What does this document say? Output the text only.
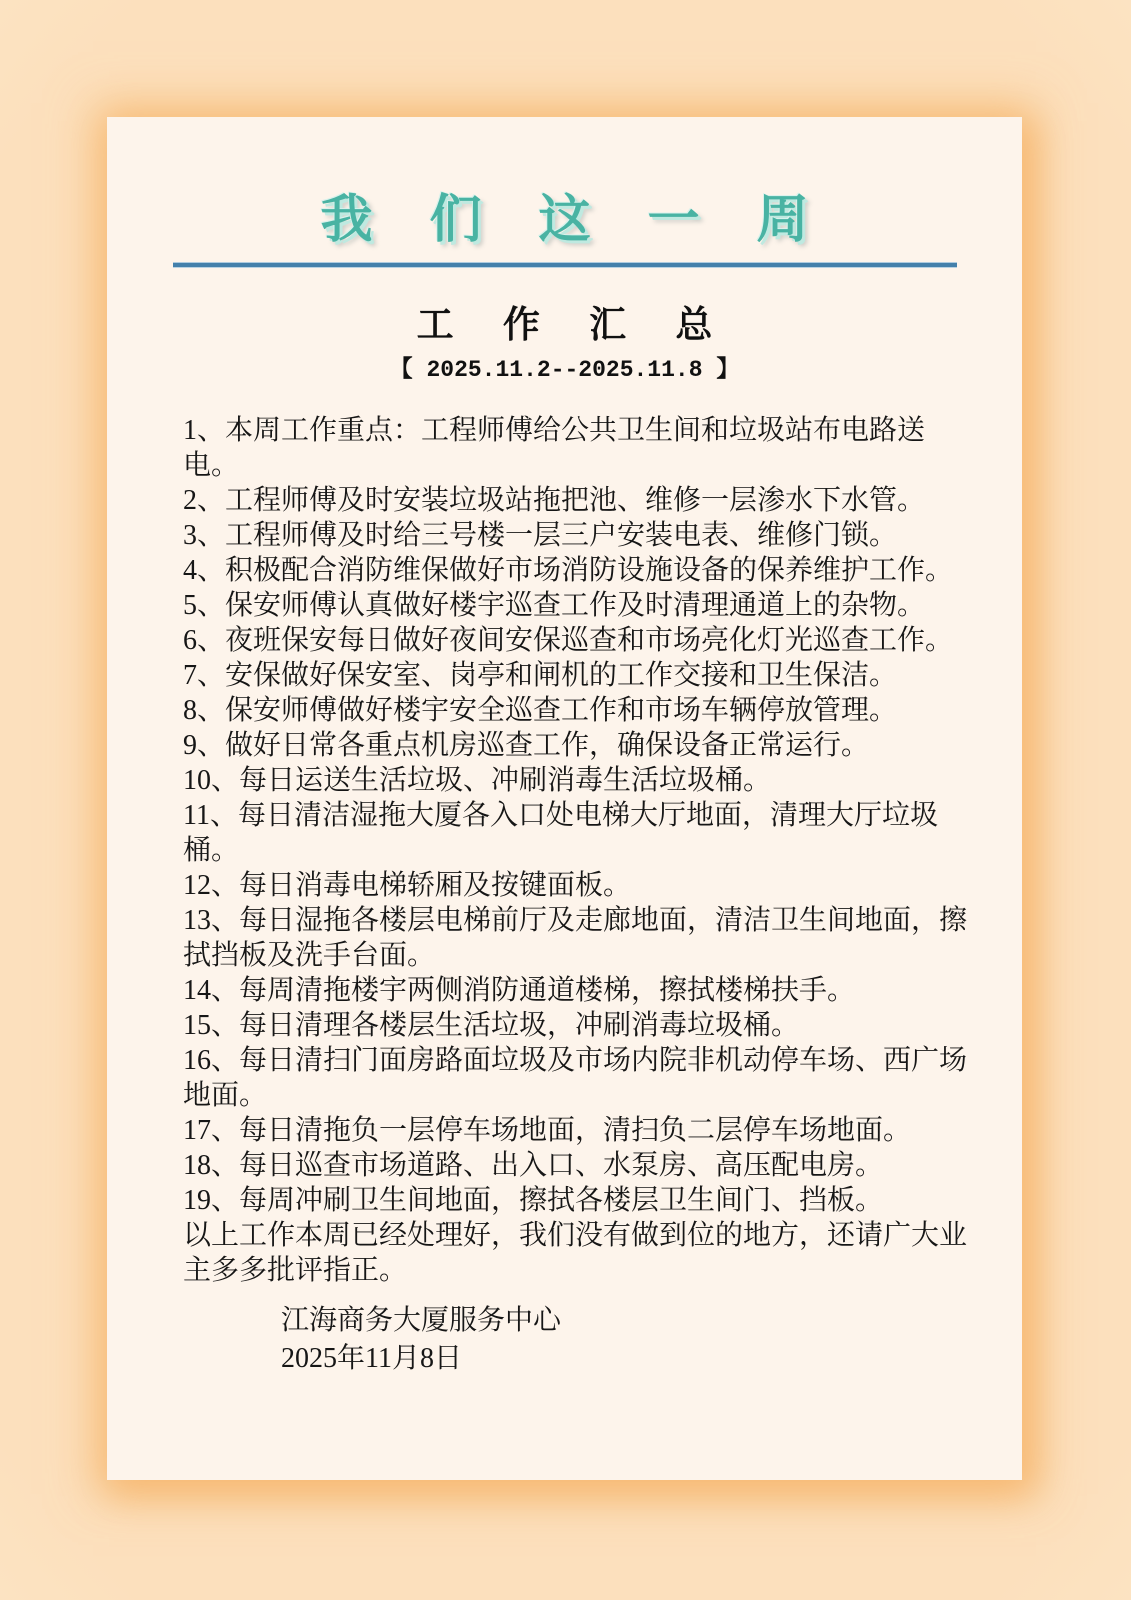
我 们 这 一 周
工 作 汇 总
【 2025.11.2--2025.11.8 】

1、本周工作重点：工程师傅给公共卫生间和垃圾站布电路送电。

2、工程师傅及时安装垃圾站拖把池、维修一层渗水下水管。

3、工程师傅及时给三号楼一层三户安装电表、维修门锁。

4、积极配合消防维保做好市场消防设施设备的保养维护工作。

5、保安师傅认真做好楼宇巡查工作及时清理通道上的杂物。

6、夜班保安每日做好夜间安保巡查和市场亮化灯光巡查工作。

7、安保做好保安室、岗亭和闸机的工作交接和卫生保洁。

8、保安师傅做好楼宇安全巡查工作和市场车辆停放管理。

9、做好日常各重点机房巡查工作，确保设备正常运行。

10、每日运送生活垃圾、冲刷消毒生活垃圾桶。

11、每日清洁湿拖大厦各入口处电梯大厅地面，清理大厅垃圾桶。

12、每日消毒电梯轿厢及按键面板。

13、每日湿拖各楼层电梯前厅及走廊地面，清洁卫生间地面，擦拭挡板及洗手台面。

14、每周清拖楼宇两侧消防通道楼梯，擦拭楼梯扶手。

15、每日清理各楼层生活垃圾，冲刷消毒垃圾桶。

16、每日清扫门面房路面垃圾及市场内院非机动停车场、西广场地面。

17、每日清拖负一层停车场地面，清扫负二层停车场地面。

18、每日巡查市场道路、出入口、水泵房、高压配电房。

19、每周冲刷卫生间地面，擦拭各楼层卫生间门、挡板。

以上工作本周已经处理好，我们没有做到位的地方，还请广大业主多多批评指正。

江海商务大厦服务中心

2025年11月8日
